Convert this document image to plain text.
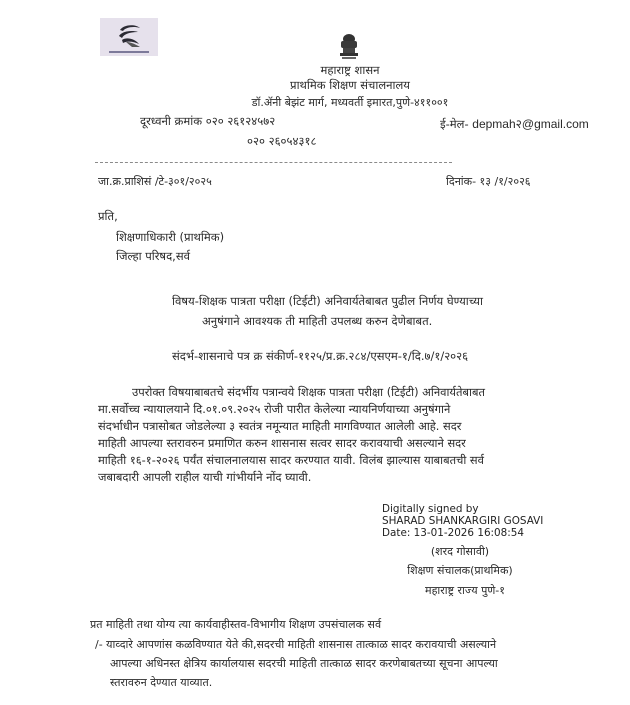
महाराष्ट्र शासन
प्राथमिक शिक्षण संचालनालय
डॉ.ॲनी बेझंट मार्ग, मध्यवर्ती इमारत,पुणे-४११००१
दूरध्वनी क्रमांक ०२० २६१२४५७२
०२० २६०५४३१८
ई-मेल- depmah२@gmail.com
जा.क्र.प्राशिसं /टे-३०१/२०२५	दिनांक- १३ /१/२०२६
प्रति,
शिक्षणाधिकारी (प्राथमिक)
जिल्हा परिषद,सर्व
विषय-शिक्षक पात्रता परीक्षा (टिईटी) अनिवार्यतेबाबत पुढील निर्णय घेण्याच्या
अनुषंगाने आवश्यक ती माहिती उपलब्ध करुन देणेबाबत.
संदर्भ-शासनाचे पत्र क्र संकीर्ण-११२५/प्र.क्र.२८४/एसएम-१/दि.७/१/२०२६
उपरोक्त विषयाबाबतचे संदर्भीय पत्रान्वये शिक्षक पात्रता परीक्षा (टिईटी) अनिवार्यतेबाबत
मा.सर्वोच्च न्यायालयाने दि.०१.०९.२०२५ रोजी पारीत केलेल्या न्यायनिर्णयाच्या अनुषंगाने
संदर्भाधीन पत्रासोबत जोडलेल्या ३ स्वतंत्र नमून्यात माहिती मागविण्यात आलेली आहे. सदर
माहिती आपल्या स्तरावरुन प्रमाणित करुन शासनास सत्वर सादर करावयाची असल्याने सदर
माहिती १६-१-२०२६ पर्यंत संचालनालयास सादर करण्यात यावी. विलंब झाल्यास याबाबतची सर्व
जबाबदारी आपली राहील याची गांभीर्याने नोंद घ्यावी.
Digitally signed by
SHARAD SHANKARGIRI GOSAVI
Date: 13-01-2026 16:08:54
(शरद गोसावी)
शिक्षण संचालक(प्राथमिक)
महाराष्ट्र राज्य पुणे-१
प्रत माहिती तथा योग्य त्या कार्यवाहीस्तव-विभागीय शिक्षण उपसंचालक सर्व
/- याव्दारे आपणांस कळविण्यात येते की,सदरची माहिती शासनास तात्काळ सादर करावयाची असल्याने
आपल्या अधिनस्त क्षेत्रिय कार्यालयास सदरची माहिती तात्काळ सादर करणेबाबतच्या सूचना आपल्या
स्तरावरुन देण्यात याव्यात.
